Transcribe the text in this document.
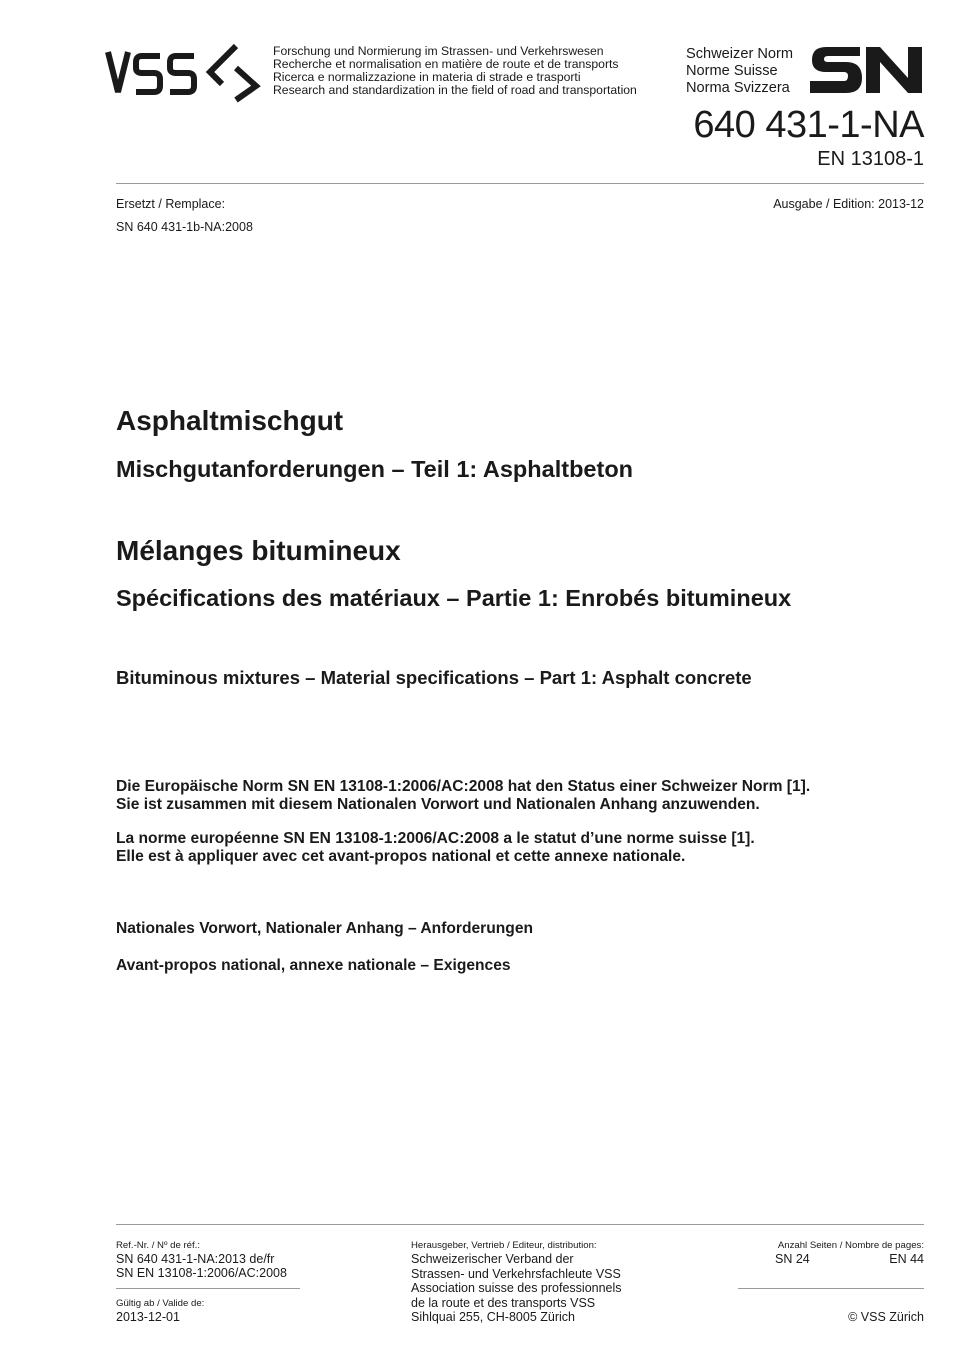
VSS
Forschung und Normierung im Strassen- und Verkehrswesen
Recherche et normalisation en matière de route et de transports
Ricerca e normalizzazione in materia di strade e trasporti
Research and standardization in the field of road and transportation
Schweizer Norm
Norme Suisse
Norma Svizzera
SN
640 431-1-NA
EN 13108-1
Ersetzt / Remplace:
SN 640 431-1b-NA:2008
Ausgabe / Edition: 2013-12
Asphaltmischgut
Mischgutanforderungen – Teil 1: Asphaltbeton
Mélanges bitumineux
Spécifications des matériaux – Partie 1: Enrobés bitumineux
Bituminous mixtures – Material specifications – Part 1: Asphalt concrete
Die Europäische Norm SN EN 13108-1:2006/AC:2008 hat den Status einer Schweizer Norm [1].
Sie ist zusammen mit diesem Nationalen Vorwort und Nationalen Anhang anzuwenden.
La norme européenne SN EN 13108-1:2006/AC:2008 a le statut d’une norme suisse [1].
Elle est à appliquer avec cet avant-propos national et cette annexe nationale.
Nationales Vorwort, Nationaler Anhang – Anforderungen
Avant-propos national, annexe nationale – Exigences
Ref.-Nr. / Nº de réf.:
SN 640 431-1-NA:2013 de/fr
SN EN 13108-1:2006/AC:2008
Gültig ab / Valide de:
2013-12-01
Herausgeber, Vertrieb / Editeur, distribution:
Schweizerischer Verband der
Strassen- und Verkehrsfachleute VSS
Association suisse des professionnels
de la route et des transports VSS
Sihlquai 255, CH-8005 Zürich
Anzahl Seiten / Nombre de pages:
SN 24	EN 44
© VSS Zürich
